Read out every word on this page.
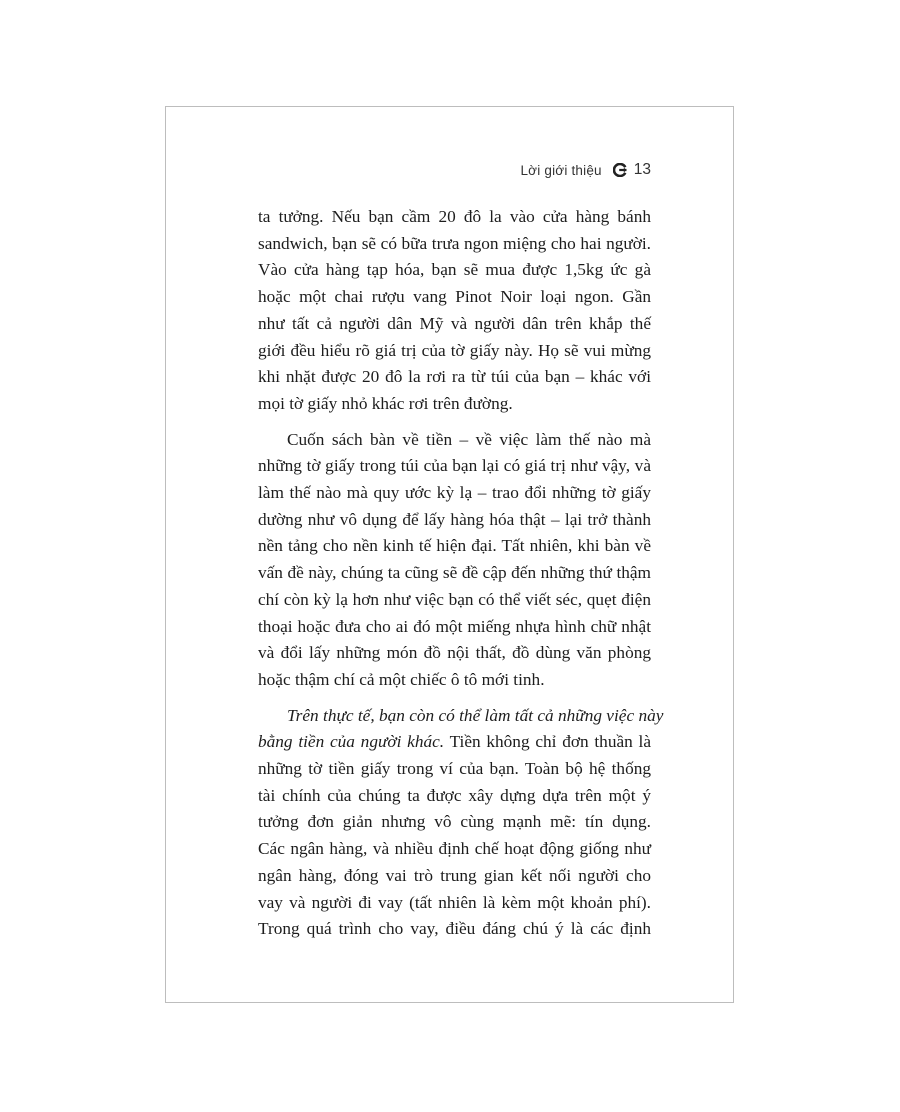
Lời giới thiệu 13
ta tưởng. Nếu bạn cầm 20 đô la vào cửa hàng bánh
sandwich, bạn sẽ có bữa trưa ngon miệng cho hai người.
Vào cửa hàng tạp hóa, bạn sẽ mua được 1,5kg ức gà
hoặc một chai rượu vang Pinot Noir loại ngon. Gần
như tất cả người dân Mỹ và người dân trên khắp thế
giới đều hiểu rõ giá trị của tờ giấy này. Họ sẽ vui mừng
khi nhặt được 20 đô la rơi ra từ túi của bạn – khác với
mọi tờ giấy nhỏ khác rơi trên đường.
Cuốn sách bàn về tiền – về việc làm thế nào mà
những tờ giấy trong túi của bạn lại có giá trị như vậy, và
làm thế nào mà quy ước kỳ lạ – trao đổi những tờ giấy
dường như vô dụng để lấy hàng hóa thật – lại trở thành
nền tảng cho nền kinh tế hiện đại. Tất nhiên, khi bàn về
vấn đề này, chúng ta cũng sẽ đề cập đến những thứ thậm
chí còn kỳ lạ hơn như việc bạn có thể viết séc, quẹt điện
thoại hoặc đưa cho ai đó một miếng nhựa hình chữ nhật
và đổi lấy những món đồ nội thất, đồ dùng văn phòng
hoặc thậm chí cả một chiếc ô tô mới tinh.
Trên thực tế, bạn còn có thể làm tất cả những việc này
bằng tiền của người khác. Tiền không chỉ đơn thuần là
những tờ tiền giấy trong ví của bạn. Toàn bộ hệ thống
tài chính của chúng ta được xây dựng dựa trên một ý
tưởng đơn giản nhưng vô cùng mạnh mẽ: tín dụng.
Các ngân hàng, và nhiều định chế hoạt động giống như
ngân hàng, đóng vai trò trung gian kết nối người cho
vay và người đi vay (tất nhiên là kèm một khoản phí).
Trong quá trình cho vay, điều đáng chú ý là các định
